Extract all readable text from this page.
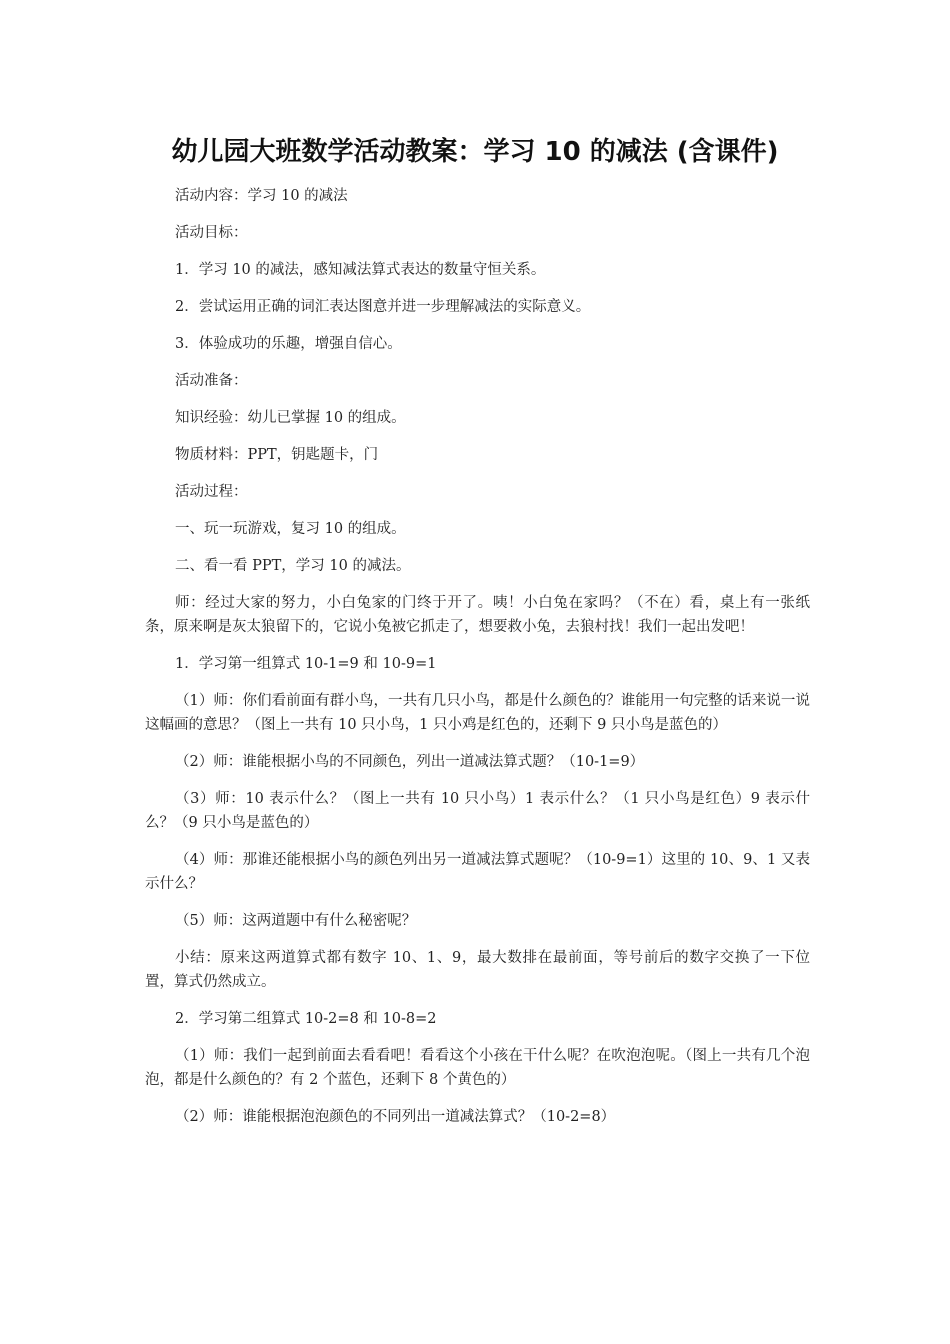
幼儿园大班数学活动教案：学习 10 的减法 (含课件)

活动内容：学习 10 的减法

活动目标：

1．学习 10 的减法，感知减法算式表达的数量守恒关系。

2．尝试运用正确的词汇表达图意并进一步理解减法的实际意义。

3．体验成功的乐趣，增强自信心。

活动准备：

知识经验：幼儿已掌握 10 的组成。

物质材料：PPT，钥匙题卡，门

活动过程：

一、玩一玩游戏，复习 10 的组成。

二、看一看 PPT，学习 10 的减法。

师：经过大家的努力，小白兔家的门终于开了。咦！小白兔在家吗？（不在）看，桌上有一张纸条，原来啊是灰太狼留下的，它说小兔被它抓走了，想要救小兔，去狼村找！我们一起出发吧！

1．学习第一组算式 10-1=9 和 10-9=1

（1）师：你们看前面有群小鸟，一共有几只小鸟，都是什么颜色的？谁能用一句完整的话来说一说这幅画的意思？（图上一共有 10 只小鸟，1 只小鸡是红色的，还剩下 9 只小鸟是蓝色的）

（2）师：谁能根据小鸟的不同颜色，列出一道减法算式题？（10-1=9）

（3）师：10 表示什么？（图上一共有 10 只小鸟）1 表示什么？（1 只小鸟是红色）9 表示什么？（9 只小鸟是蓝色的）

（4）师：那谁还能根据小鸟的颜色列出另一道减法算式题呢？（10-9=1）这里的 10、9、1 又表示什么？

（5）师：这两道题中有什么秘密呢？

小结：原来这两道算式都有数字 10、1、9，最大数排在最前面，等号前后的数字交换了一下位置，算式仍然成立。

2．学习第二组算式 10-2=8 和 10-8=2

（1）师：我们一起到前面去看看吧！看看这个小孩在干什么呢？在吹泡泡呢。（图上一共有几个泡泡，都是什么颜色的？有 2 个蓝色，还剩下 8 个黄色的）

（2）师：谁能根据泡泡颜色的不同列出一道减法算式？（10-2=8）
